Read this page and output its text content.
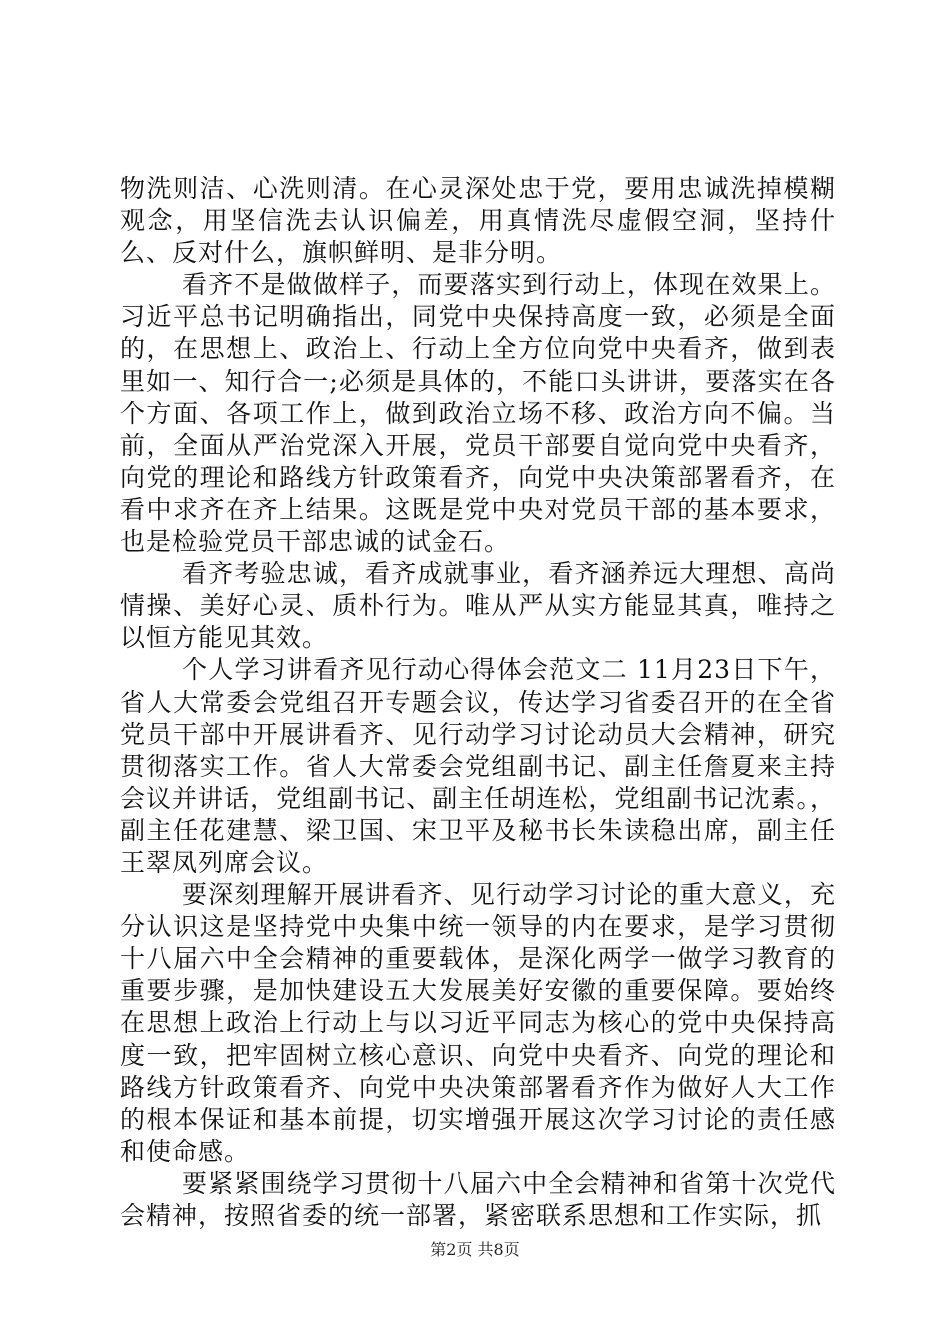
物洗则洁、心洗则清。在心灵深处忠于党，要用忠诚洗掉模糊观念，用坚信洗去认识偏差，用真情洗尽虚假空洞，坚持什么、反对什么，旗帜鲜明、是非分明。

看齐不是做做样子，而要落实到行动上，体现在效果上。习近平总书记明确指出，同党中央保持高度一致，必须是全面的，在思想上、政治上、行动上全方位向党中央看齐，做到表里如一、知行合一;必须是具体的，不能口头讲讲，要落实在各个方面、各项工作上，做到政治立场不移、政治方向不偏。当前，全面从严治党深入开展，党员干部要自觉向党中央看齐，向党的理论和路线方针政策看齐，向党中央决策部署看齐，在看中求齐在齐上结果。这既是党中央对党员干部的基本要求，也是检验党员干部忠诚的试金石。

看齐考验忠诚，看齐成就事业，看齐涵养远大理想、高尚情操、美好心灵、质朴行为。唯从严从实方能显其真，唯持之以恒方能见其效。

个人学习讲看齐见行动心得体会范文二 11月23日下午，省人大常委会党组召开专题会议，传达学习省委召开的在全省党员干部中开展讲看齐、见行动学习讨论动员大会精神，研究贯彻落实工作。省人大常委会党组副书记、副主任詹夏来主持会议并讲话，党组副书记、副主任胡连松，党组副书记沈素。，副主任花建慧、梁卫国、宋卫平及秘书长朱读稳出席，副主任王翠凤列席会议。

要深刻理解开展讲看齐、见行动学习讨论的重大意义，充分认识这是坚持党中央集中统一领导的内在要求，是学习贯彻十八届六中全会精神的重要载体，是深化两学一做学习教育的重要步骤，是加快建设五大发展美好安徽的重要保障。要始终在思想上政治上行动上与以习近平同志为核心的党中央保持高度一致，把牢固树立核心意识、向党中央看齐、向党的理论和路线方针政策看齐、向党中央决策部署看齐作为做好人大工作的根本保证和基本前提，切实增强开展这次学习讨论的责任感和使命感。

要紧紧围绕学习贯彻十八届六中全会精神和省第十次党代会精神，按照省委的统一部署，紧密联系思想和工作实际，抓

第2页 共8页
